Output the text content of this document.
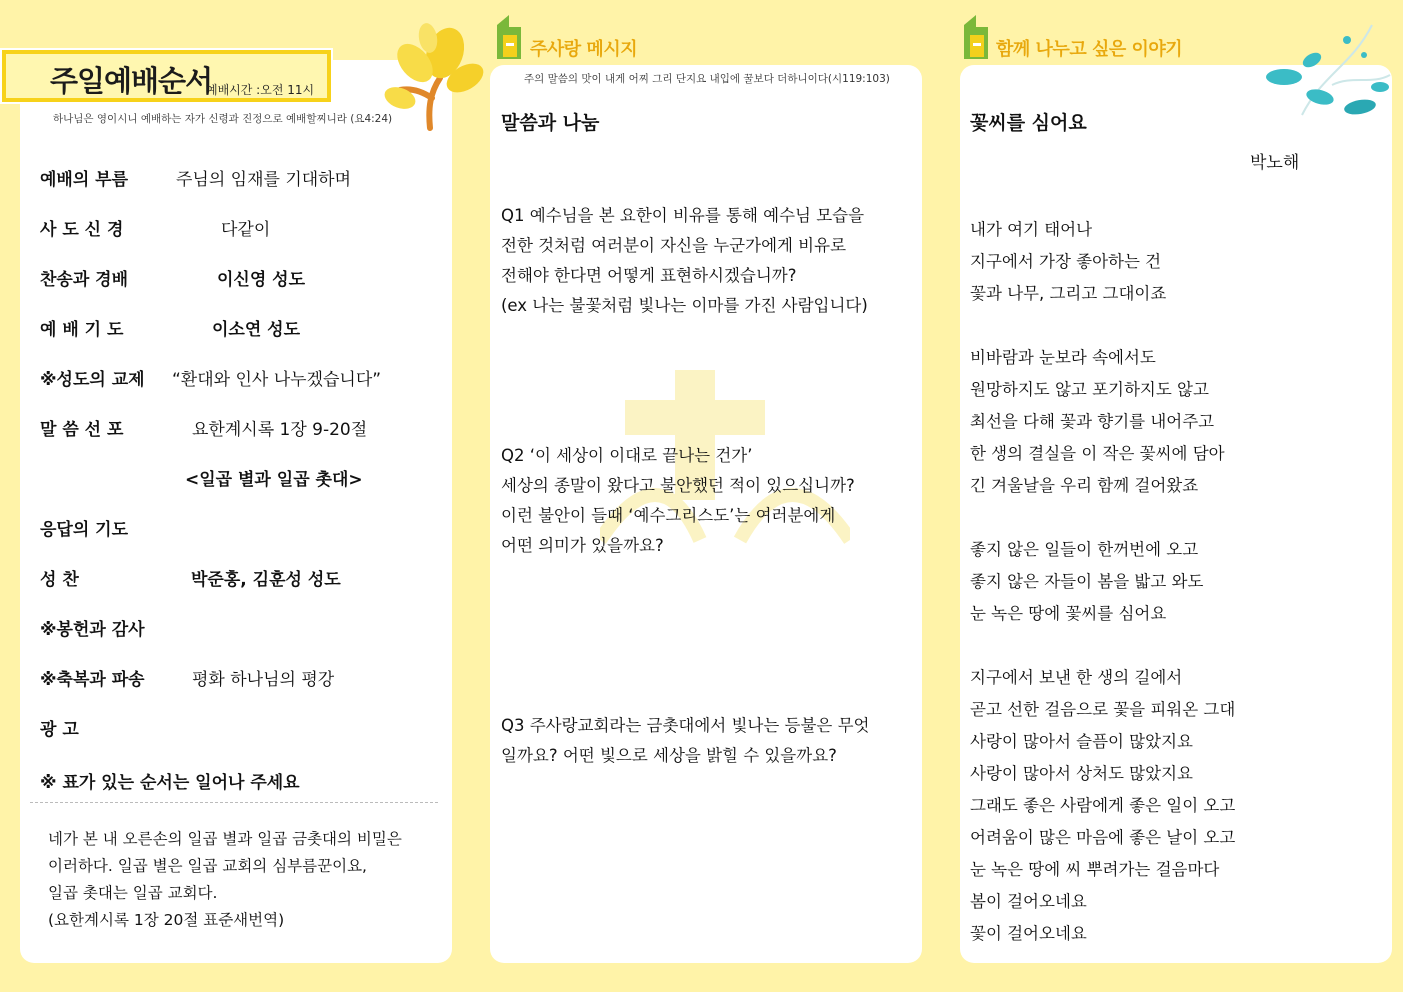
주일예배순서
예배시간 :오전 11시
하나님은 영이시니 예배하는 자가 신령과 진정으로 예배할찌니라 (요4:24)
예배의 부름	주님의 임재를 기대하며
사 도 신 경	다같이
찬송과 경배	이신영 성도
예 배 기 도	이소연 성도
※성도의 교제 “환대와 인사 나누겠습니다”
말 씀 선 포	요한계시록 1장 9-20절
<일곱 별과 일곱 촛대>
응답의 기도
성 찬	박준홍, 김훈성 성도
※봉헌과 감사
※축복과 파송	평화 하나님의 평강
광 고
※ 표가 있는 순서는 일어나 주세요
네가 본 내 오른손의 일곱 별과 일곱 금촛대의 비밀은
이러하다. 일곱 별은 일곱 교회의 심부름꾼이요,
일곱 촛대는 일곱 교회다.
(요한계시록 1장 20절 표준새번역)
주사랑 메시지
주의 말씀의 맛이 내게 어찌 그리 단지요 내입에 꿀보다 더하니이다(시119:103)
말씀과 나눔
Q1 예수님을 본 요한이 비유를 통해 예수님 모습을
전한 것처럼 여러분이 자신을 누군가에게 비유로
전해야 한다면 어떻게 표현하시겠습니까?
(ex 나는 불꽃처럼 빛나는 이마를 가진 사람입니다)
Q2 ‘이 세상이 이대로 끝나는 건가’
세상의 종말이 왔다고 불안했던 적이 있으십니까?
이런 불안이 들때 ‘예수그리스도’는 여러분에게
어떤 의미가 있을까요?
Q3 주사랑교회라는 금촛대에서 빛나는 등불은 무엇
일까요? 어떤 빛으로 세상을 밝힐 수 있을까요?
함께 나누고 싶은 이야기
꽃씨를 심어요
박노해
내가 여기 태어나
지구에서 가장 좋아하는 건
꽃과 나무, 그리고 그대이죠
비바람과 눈보라 속에서도
원망하지도 않고 포기하지도 않고
최선을 다해 꽃과 향기를 내어주고
한 생의 결실을 이 작은 꽃씨에 담아
긴 겨울날을 우리 함께 걸어왔죠
좋지 않은 일들이 한꺼번에 오고
좋지 않은 자들이 봄을 밟고 와도
눈 녹은 땅에 꽃씨를 심어요
지구에서 보낸 한 생의 길에서
곧고 선한 걸음으로 꽃을 피워온 그대
사랑이 많아서 슬픔이 많았지요
사랑이 많아서 상처도 많았지요
그래도 좋은 사람에게 좋은 일이 오고
어려움이 많은 마음에 좋은 날이 오고
눈 녹은 땅에 씨 뿌려가는 걸음마다
봄이 걸어오네요
꽃이 걸어오네요
